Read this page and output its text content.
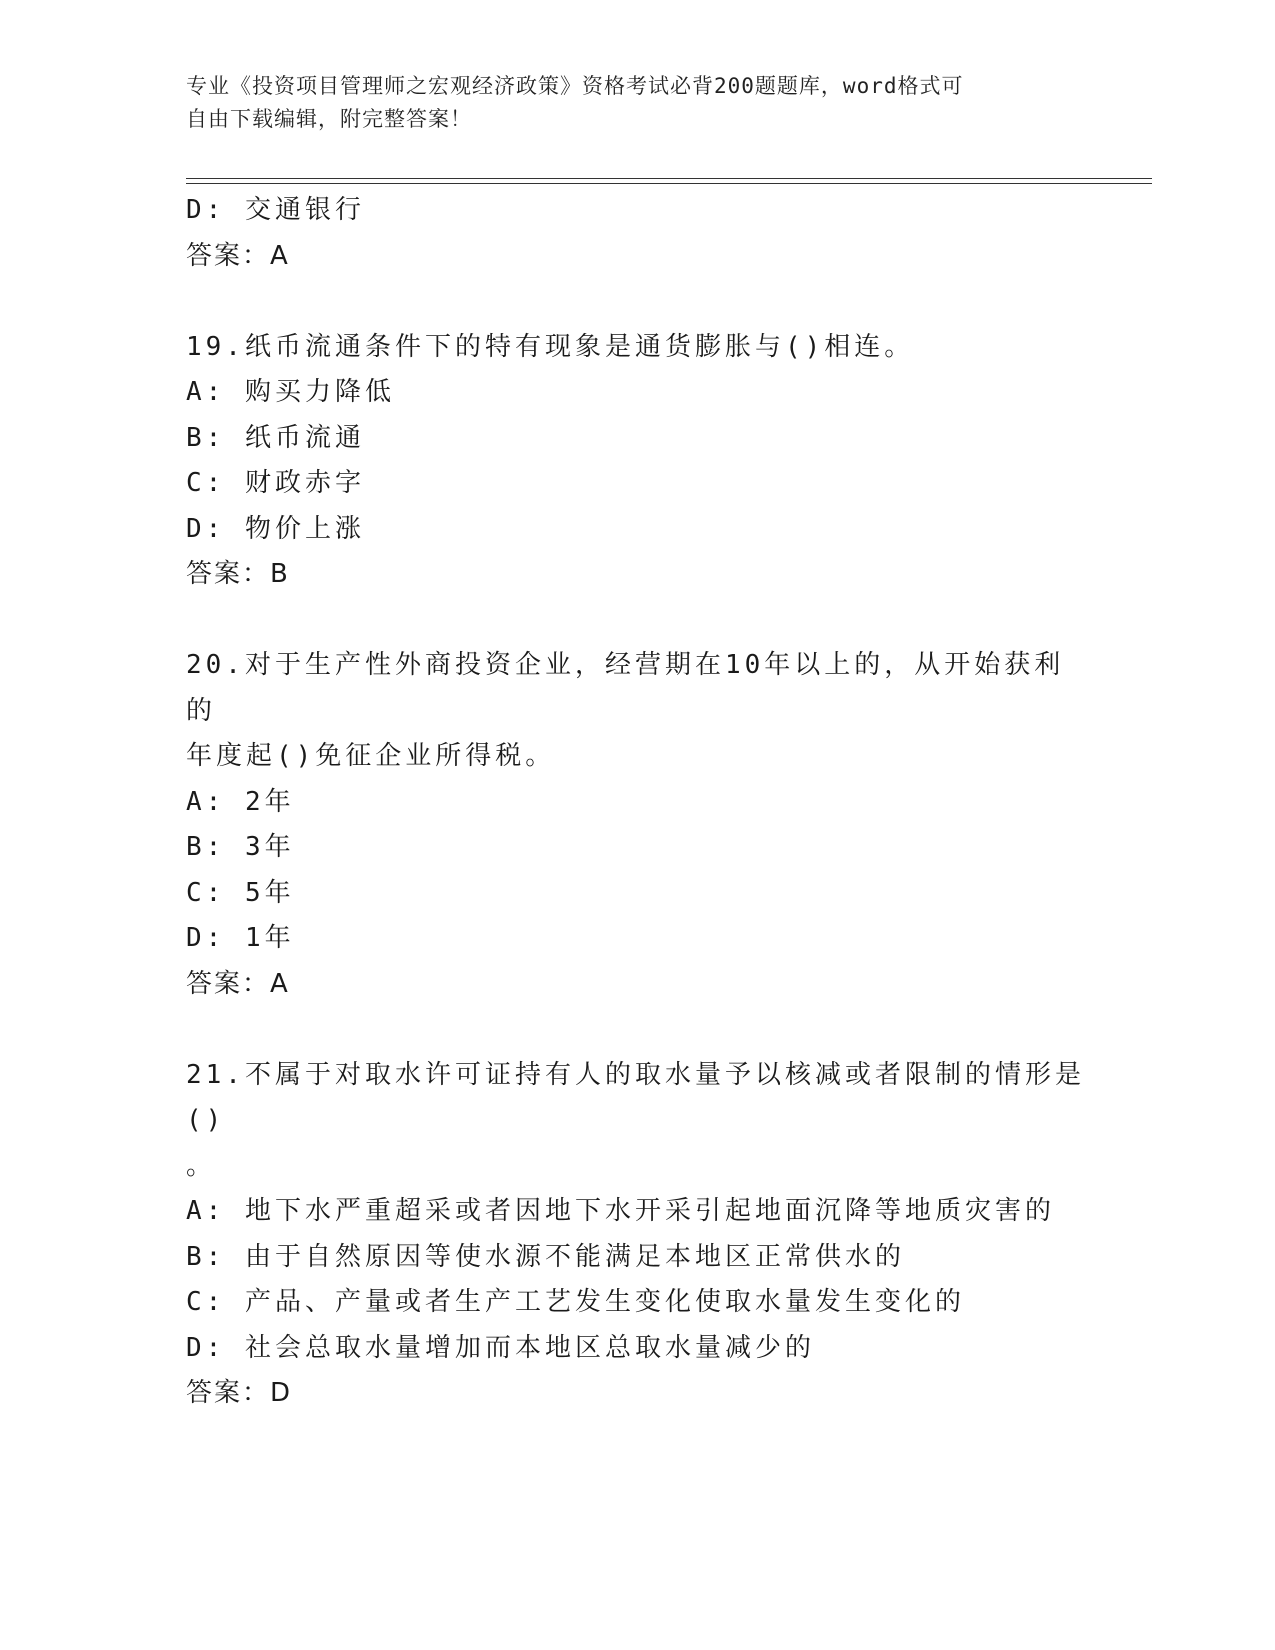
专业《投资项目管理师之宏观经济政策》资格考试必背200题题库，word格式可
自由下载编辑，附完整答案！
D: 交通银行
答案：A
19.纸币流通条件下的特有现象是通货膨胀与()相连。
A: 购买力降低
B: 纸币流通
C: 财政赤字
D: 物价上涨
答案：B
20.对于生产性外商投资企业，经营期在10年以上的，从开始获利的
年度起()免征企业所得税。
A: 2年
B: 3年
C: 5年
D: 1年
答案：A
21.不属于对取水许可证持有人的取水量予以核减或者限制的情形是()
。
A: 地下水严重超采或者因地下水开采引起地面沉降等地质灾害的
B: 由于自然原因等使水源不能满足本地区正常供水的
C: 产品、产量或者生产工艺发生变化使取水量发生变化的
D: 社会总取水量增加而本地区总取水量减少的
答案：D
